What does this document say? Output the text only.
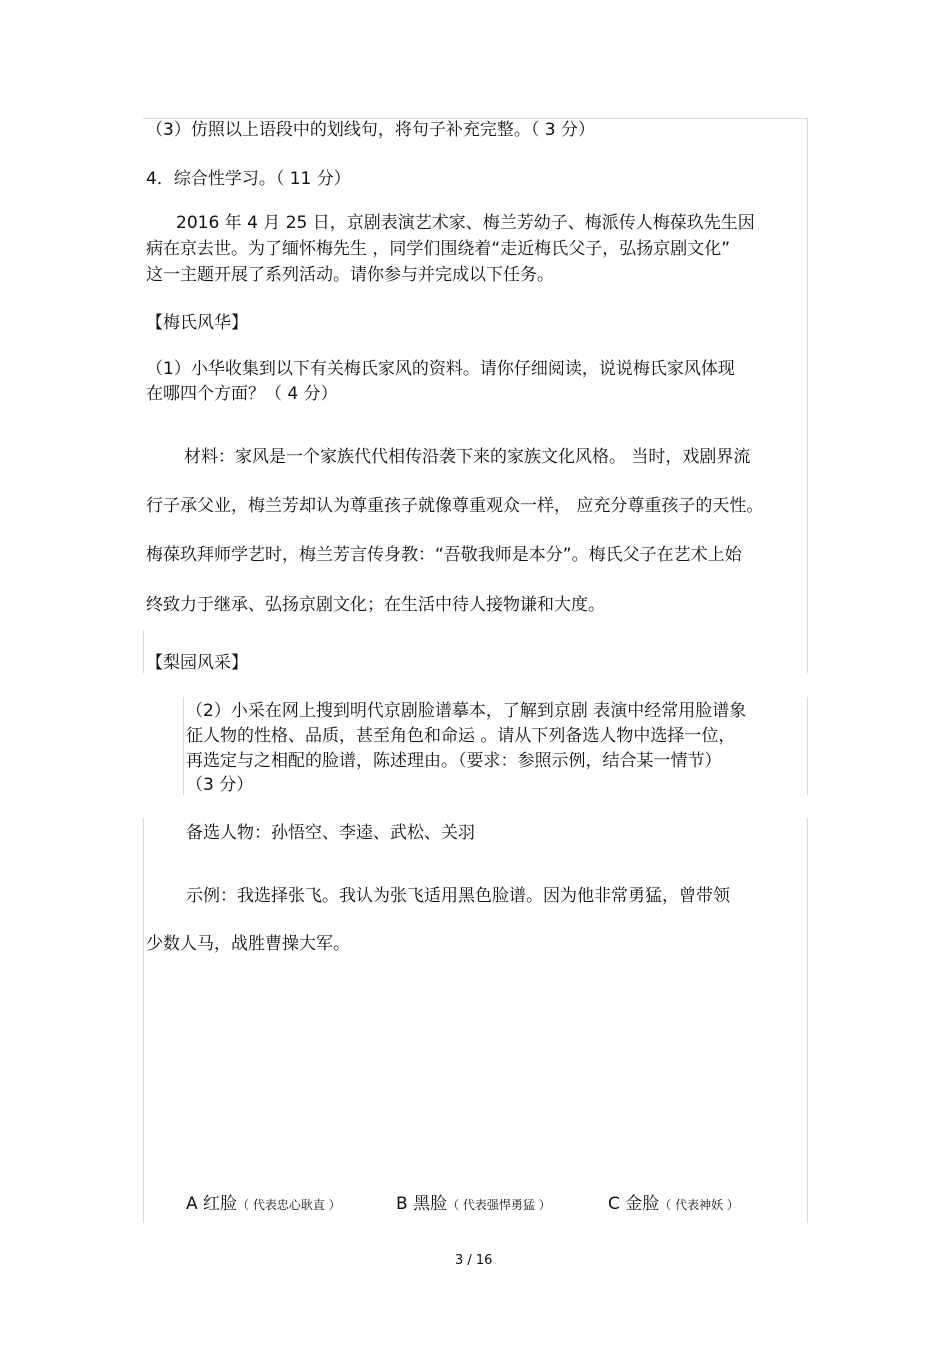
（3）仿照以上语段中的划线句，将句子补充完整。（ 3 分）
4．综合性学习。（ 11 分）
2016 年 4 月 25 日，京剧表演艺术家、梅兰芳幼子、梅派传人梅葆玖先生因
病在京去世。为了缅怀梅先生 ，同学们围绕着“走近梅氏父子，弘扬京剧文化”
这一主题开展了系列活动。请你参与并完成以下任务。
【梅氏风华】
（1）小华收集到以下有关梅氏家风的资料。请你仔细阅读，说说梅氏家风体现
在哪四个方面？（ 4 分）
材料：家风是一个家族代代相传沿袭下来的家族文化风格。 当时，戏剧界流
行子承父业，梅兰芳却认为尊重孩子就像尊重观众一样， 应充分尊重孩子的天性。
梅葆玖拜师学艺时，梅兰芳言传身教：“吾敬我师是本分”。梅氏父子在艺术上始
终致力于继承、弘扬京剧文化；在生活中待人接物谦和大度。
【梨园风采】
（2）小采在网上搜到明代京剧脸谱摹本，了解到京剧 表演中经常用脸谱象
征人物的性格、品质，甚至角色和命运 。请从下列备选人物中选择一位，
再选定与之相配的脸谱，陈述理由。（要求：参照示例，结合某一情节）
（3 分）
备选人物：孙悟空、李逵、武松、关羽
示例：我选择张飞。我认为张飞适用黑色脸谱。因为他非常勇猛，曾带领
少数人马，战胜曹操大军。
A 红脸（ 代表忠心耿直 ）	B 黑脸（ 代表强悍勇猛 ）	C 金脸（ 代表神妖 ）
3 / 16
